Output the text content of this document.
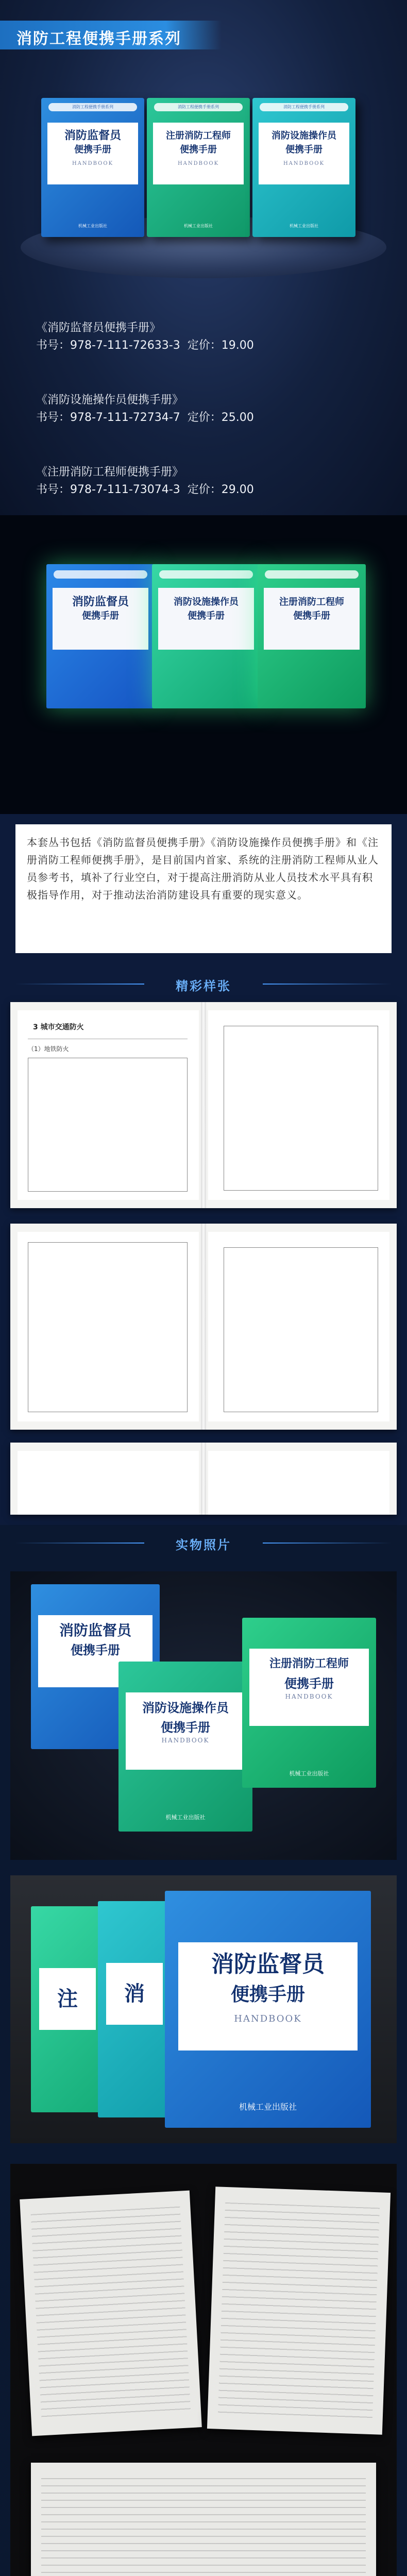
消防工程便携手册系列
消防工程便携手册系列
消防监督员
便携手册
HANDBOOK
机械工业出版社
消防工程便携手册系列
注册消防工程师
便携手册
HANDBOOK
机械工业出版社
消防工程便携手册系列
消防设施操作员
便携手册
HANDBOOK
机械工业出版社
《消防监督员便携手册》
书号：978-7-111-72633-3 定价：19.00
《消防设施操作员便携手册》
书号：978-7-111-72734-7 定价：25.00
《注册消防工程师便携手册》
书号：978-7-111-73074-3 定价：29.00
消防监督员
便携手册
消防设施操作员
便携手册
注册消防工程师
便携手册

本套丛书包括《消防监督员便携手册》《消防设施操作员便携手册》和《注册消防工程师便携手册》，是目前国内首家、系统的注册消防工程师从业人员参考书，填补了行业空白，对于提高注册消防从业人员技术水平具有积极指导作用，对于推动法治消防建设具有重要的现实意义。

精彩样张
3 城市交通防火
（1）地铁防火
实物照片
消防监督员
便携手册
消防设施操作员
便携手册
HANDBOOK
机械工业出版社
注册消防工程师
便携手册
HANDBOOK
机械工业出版社
注	消
消防监督员
便携手册
HANDBOOK
机械工业出版社
